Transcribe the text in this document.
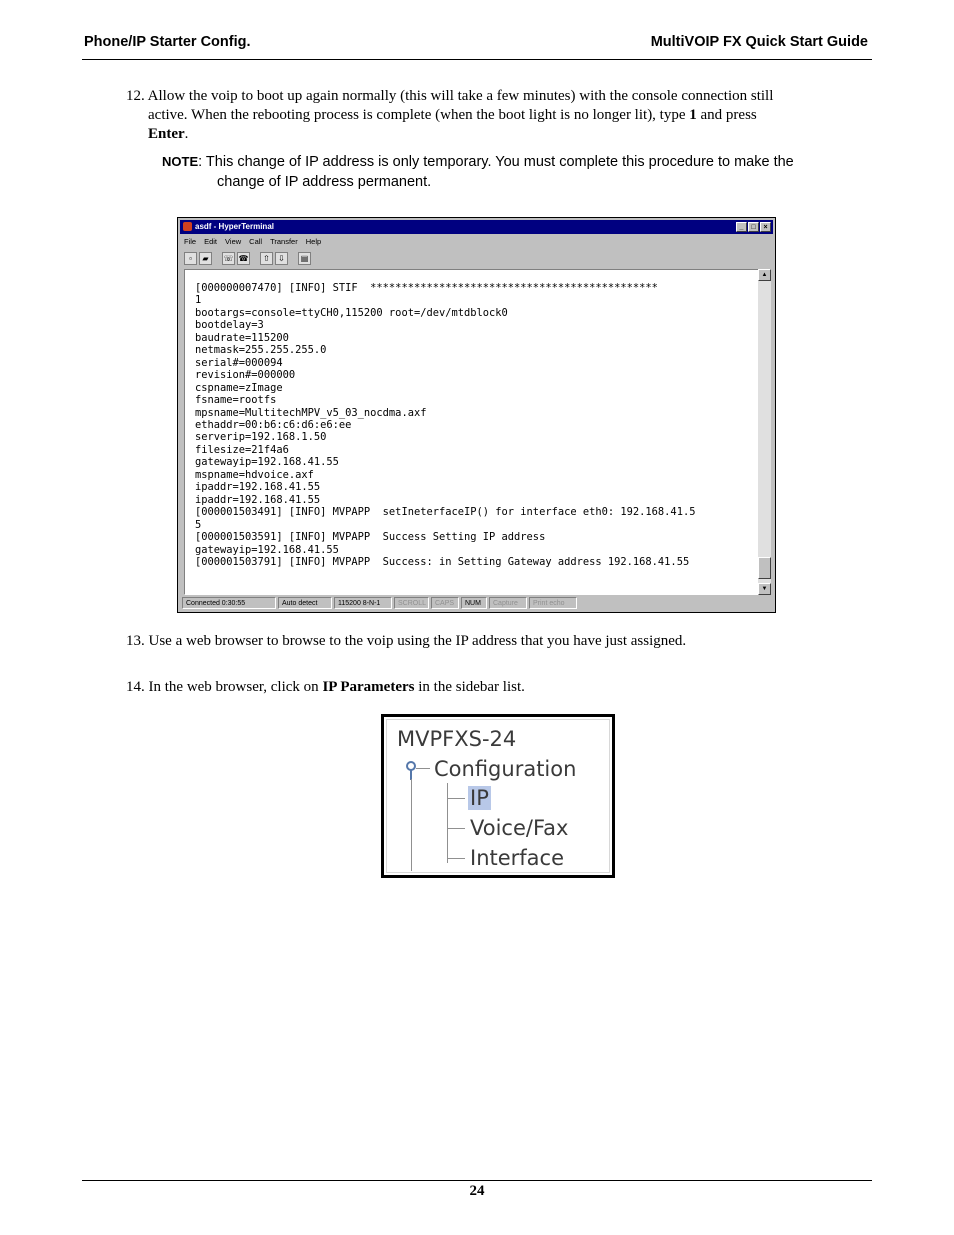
Phone/IP Starter Config.	MultiVOIP FX Quick Start Guide
12. Allow the voip to boot up again normally (this will take a few minutes) with the console connection still
active. When the rebooting process is complete (when the boot light is no longer lit), type 1 and press
Enter.
NOTE: This change of IP address is only temporary. You must complete this procedure to make the
change of IP address permanent.
asdf - HyperTerminal	_	□	×
File Edit View Call Transfer Help
▫	▰	☏ ☎	⇧	⇩	▤
▲
▼
Connected 0:30:55	Auto detect	115200 8-N-1	SCROLL	CAPS	NUM	Capture	Print echo
[000000007470] [INFO] STIF  **********************************************
1
bootargs=console=ttyCH0,115200 root=/dev/mtdblock0
bootdelay=3
baudrate=115200
netmask=255.255.255.0
serial#=000094
revision#=000000
cspname=zImage
fsname=rootfs
mpsname=MultitechMPV_v5_03_nocdma.axf
ethaddr=00:b6:c6:d6:e6:ee
serverip=192.168.1.50
filesize=21f4a6
gatewayip=192.168.41.55
mspname=hdvoice.axf
ipaddr=192.168.41.55
ipaddr=192.168.41.55
[000001503491] [INFO] MVPAPP  setIneterfaceIP() for interface eth0: 192.168.41.5
5
[000001503591] [INFO] MVPAPP  Success Setting IP address
gatewayip=192.168.41.55
[000001503791] [INFO] MVPAPP  Success: in Setting Gateway address 192.168.41.55
13. Use a web browser to browse to the voip using the IP address that you have just assigned.
14. In the web browser, click on IP Parameters in the sidebar list.
MVPFXS-24
Configuration
IP
Voice/Fax
Interface
24
